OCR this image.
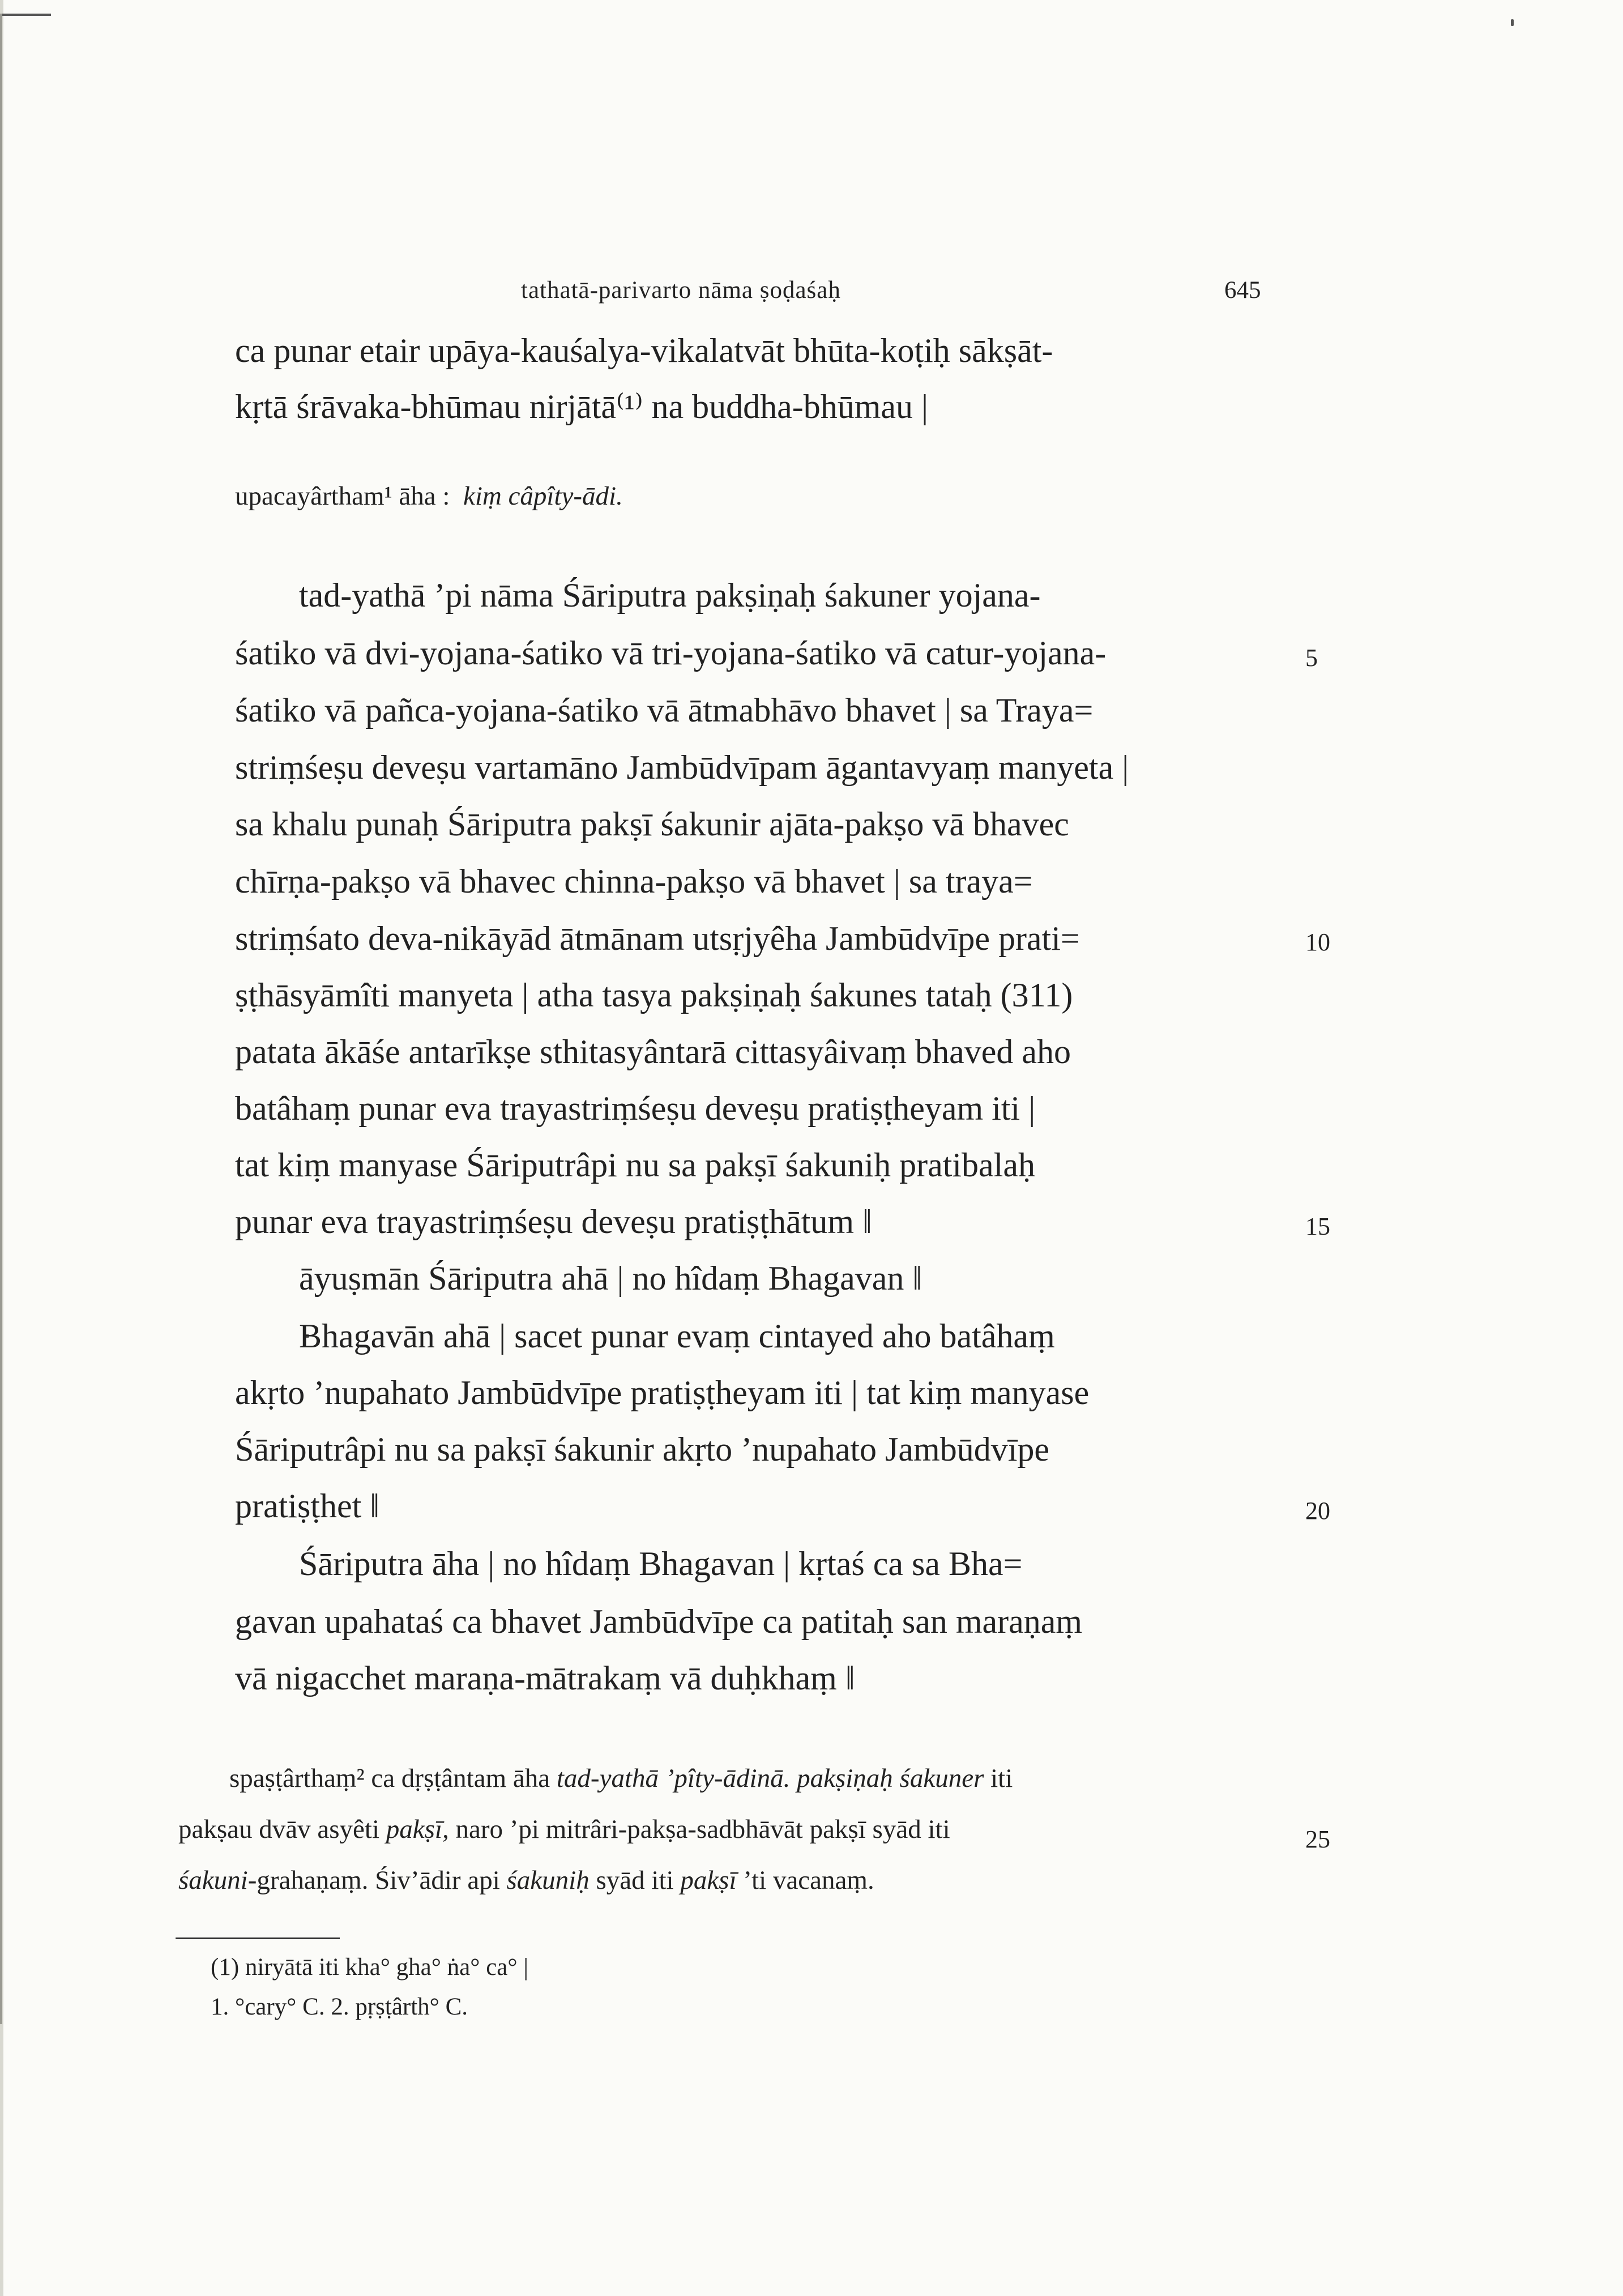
tathatā-parivarto nāma ṣoḍaśaḥ	645
ca punar etair upāya-kauśalya-vikalatvāt bhūta-koṭiḥ sākṣāt-
kṛtā śrāvaka-bhūmau nirjātā⁽¹⁾ na buddha-bhūmau |
upacayârtham¹ āha : kiṃ câpîty-ādi.
tad-yathā ’pi nāma Śāriputra pakṣiṇaḥ śakuner yojana-
śatiko vā dvi-yojana-śatiko vā tri-yojana-śatiko vā catur-yojana-
śatiko vā pañca-yojana-śatiko vā ātmabhāvo bhavet | sa Traya=
striṃśeṣu deveṣu vartamāno Jambūdvīpam āgantavyaṃ manyeta |
sa khalu punaḥ Śāriputra pakṣī śakunir ajāta-pakṣo vā bhavec
chīrṇa-pakṣo vā bhavec chinna-pakṣo vā bhavet | sa traya=
striṃśato deva-nikāyād ātmānam utsṛjyêha Jambūdvīpe prati=
ṣṭhāsyāmîti manyeta | atha tasya pakṣiṇaḥ śakunes tataḥ (311)
patata ākāśe antarīkṣe sthitasyântarā cittasyâivaṃ bhaved aho
batâhaṃ punar eva trayastriṃśeṣu deveṣu pratiṣṭheyam iti |
tat kiṃ manyase Śāriputrâpi nu sa pakṣī śakuniḥ pratibalaḥ
punar eva trayastriṃśeṣu deveṣu pratiṣṭhātum ‖
āyuṣmān Śāriputra ahā | no hîdaṃ Bhagavan ‖
Bhagavān ahā | sacet punar evaṃ cintayed aho batâhaṃ
akṛto ’nupahato Jambūdvīpe pratiṣṭheyam iti | tat kiṃ manyase
Śāriputrâpi nu sa pakṣī śakunir akṛto ’nupahato Jambūdvīpe
pratiṣṭhet ‖
Śāriputra āha | no hîdaṃ Bhagavan | kṛtaś ca sa Bha=
gavan upahataś ca bhavet Jambūdvīpe ca patitaḥ san maraṇaṃ
vā nigacchet maraṇa-mātrakaṃ vā duḥkhaṃ ‖
spaṣṭârthaṃ² ca dṛṣṭântam āha tad-yathā ’pîty-ādinā. pakṣiṇaḥ śakuner iti
pakṣau dvāv asyêti pakṣī, naro ’pi mitrâri-pakṣa-sadbhāvāt pakṣī syād iti
śakuni-grahaṇaṃ. Śiv’ādir api śakuniḥ syād iti pakṣī ’ti vacanaṃ.
5
10
15
20
25
(1) niryātā iti kha° gha° ṅa° ca° |
1. °cary° C. 2. pṛṣṭârth° C.
